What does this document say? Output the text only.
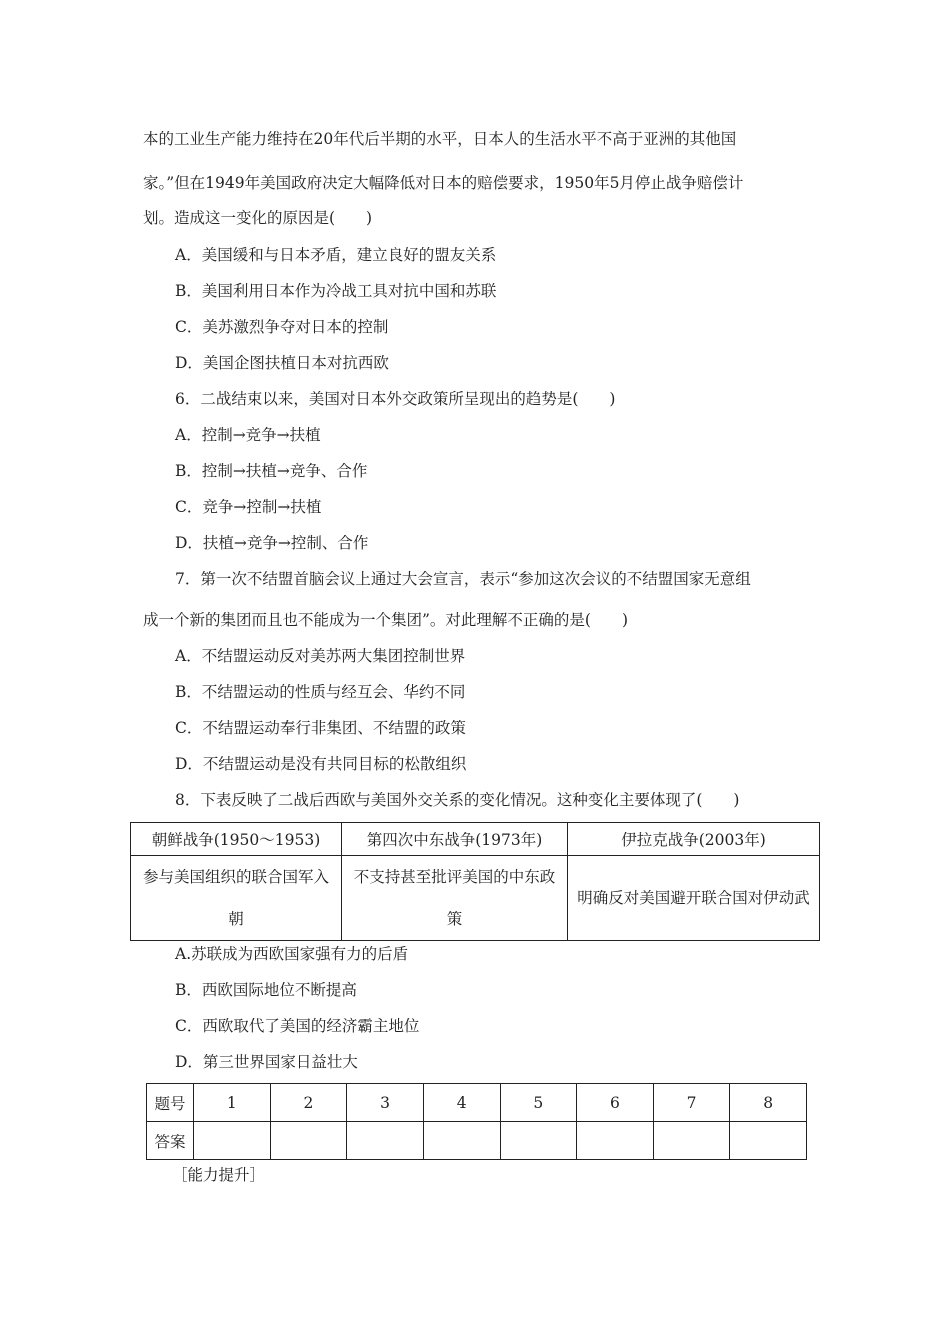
本的工业生产能力维持在20年代后半期的水平，日本人的生活水平不高于亚洲的其他国
家。”但在1949年美国政府决定大幅降低对日本的赔偿要求，1950年5月停止战争赔偿计
划。造成这一变化的原因是(　　)
A．美国缓和与日本矛盾，建立良好的盟友关系
B．美国利用日本作为冷战工具对抗中国和苏联
C．美苏激烈争夺对日本的控制
D．美国企图扶植日本对抗西欧
6．二战结束以来，美国对日本外交政策所呈现出的趋势是(　　)
A．控制→竞争→扶植
B．控制→扶植→竞争、合作
C．竞争→控制→扶植
D．扶植→竞争→控制、合作
7．第一次不结盟首脑会议上通过大会宣言，表示“参加这次会议的不结盟国家无意组
成一个新的集团而且也不能成为一个集团”。对此理解不正确的是(　　)
A．不结盟运动反对美苏两大集团控制世界
B．不结盟运动的性质与经互会、华约不同
C．不结盟运动奉行非集团、不结盟的政策
D．不结盟运动是没有共同目标的松散组织
8．下表反映了二战后西欧与美国外交关系的变化情况。这种变化主要体现了(　　)
朝鲜战争(1950～1953)	第四次中东战争(1973年)	伊拉克战争(2003年)
参与美国组织的联合国军入朝	不支持甚至批评美国的中东政策	明确反对美国避开联合国对伊动武
A.苏联成为西欧国家强有力的后盾
B．西欧国际地位不断提高
C．西欧取代了美国的经济霸主地位
D．第三世界国家日益壮大
题号	1	2	3	4	5	6	7	8
答案								
［能力提升］
